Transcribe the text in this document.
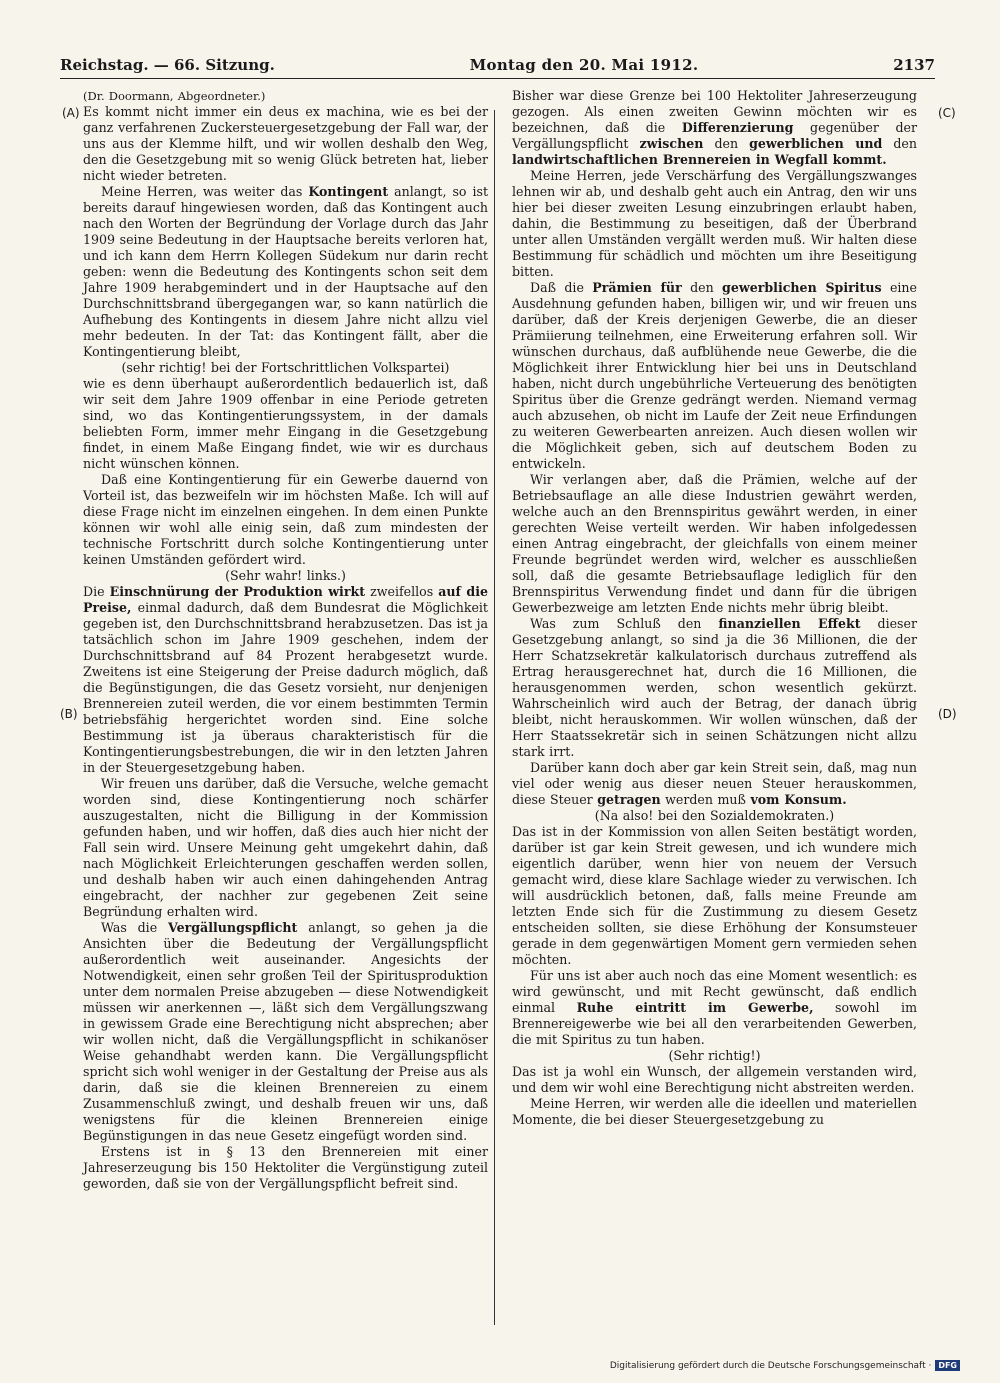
Reichstag. — 66. Sitzung.	Montag den 20. Mai 1912.	2137
(A)
(B)
(C)
(D)

(Dr. Doormann, Abgeordneter.)

Es kommt nicht immer ein deus ex machina, wie es bei der ganz verfahrenen Zuckersteuergesetzgebung der Fall war, der uns aus der Klemme hilft, und wir wollen deshalb den Weg, den die Gesetzgebung mit so wenig Glück betreten hat, lieber nicht wieder betreten.

Meine Herren, was weiter das Kontingent anlangt, so ist bereits darauf hingewiesen worden, daß das Kontingent auch nach den Worten der Begründung der Vorlage durch das Jahr 1909 seine Bedeutung in der Hauptsache bereits verloren hat, und ich kann dem Herrn Kollegen Südekum nur darin recht geben: wenn die Bedeutung des Kontingents schon seit dem Jahre 1909 herabgemindert und in der Hauptsache auf den Durchschnittsbrand übergegangen war, so kann natürlich die Aufhebung des Kontingents in diesem Jahre nicht allzu viel mehr bedeuten. In der Tat: das Kontingent fällt, aber die Kontingentierung bleibt,

(sehr richtig! bei der Fortschrittlichen Volkspartei)

wie es denn überhaupt außerordentlich bedauerlich ist, daß wir seit dem Jahre 1909 offenbar in eine Periode getreten sind, wo das Kontingentierungssystem, in der damals beliebten Form, immer mehr Eingang in die Gesetzgebung findet, in einem Maße Eingang findet, wie wir es durchaus nicht wünschen können.

Daß eine Kontingentierung für ein Gewerbe dauernd von Vorteil ist, das bezweifeln wir im höchsten Maße. Ich will auf diese Frage nicht im einzelnen eingehen. In dem einen Punkte können wir wohl alle einig sein, daß zum mindesten der technische Fortschritt durch solche Kontingentierung unter keinen Umständen gefördert wird.

(Sehr wahr! links.)

Die Einschnürung der Produktion wirkt zweifellos auf die Preise, einmal dadurch, daß dem Bundesrat die Möglichkeit gegeben ist, den Durchschnittsbrand herabzusetzen. Das ist ja tatsächlich schon im Jahre 1909 geschehen, indem der Durchschnittsbrand auf 84 Prozent herabgesetzt wurde. Zweitens ist eine Steigerung der Preise dadurch möglich, daß die Begünstigungen, die das Gesetz vorsieht, nur denjenigen Brennereien zuteil werden, die vor einem bestimmten Termin betriebsfähig hergerichtet worden sind. Eine solche Bestimmung ist ja überaus charakteristisch für die Kontingentierungsbestrebungen, die wir in den letzten Jahren in der Steuergesetzgebung haben.

Wir freuen uns darüber, daß die Versuche, welche gemacht worden sind, diese Kontingentierung noch schärfer auszugestalten, nicht die Billigung in der Kommission gefunden haben, und wir hoffen, daß dies auch hier nicht der Fall sein wird. Unsere Meinung geht umgekehrt dahin, daß nach Möglichkeit Erleichterungen geschaffen werden sollen, und deshalb haben wir auch einen dahingehenden Antrag eingebracht, der nachher zur gegebenen Zeit seine Begründung erhalten wird.

Was die Vergällungspflicht anlangt, so gehen ja die Ansichten über die Bedeutung der Vergällungspflicht außerordentlich weit auseinander. Angesichts der Notwendigkeit, einen sehr großen Teil der Spiritusproduktion unter dem normalen Preise abzugeben — diese Notwendigkeit müssen wir anerkennen —, läßt sich dem Vergällungszwang in gewissem Grade eine Berechtigung nicht absprechen; aber wir wollen nicht, daß die Vergällungspflicht in schikanöser Weise gehandhabt werden kann. Die Vergällungspflicht spricht sich wohl weniger in der Gestaltung der Preise aus als darin, daß sie die kleinen Brennereien zu einem Zusammenschluß zwingt, und deshalb freuen wir uns, daß wenigstens für die kleinen Brennereien einige Begünstigungen in das neue Gesetz eingefügt worden sind.

Erstens ist in § 13 den Brennereien mit einer Jahreserzeugung bis 150 Hektoliter die Vergünstigung zuteil geworden, daß sie von der Vergällungspflicht befreit sind.

Bisher war diese Grenze bei 100 Hektoliter Jahreserzeugung gezogen. Als einen zweiten Gewinn möchten wir es bezeichnen, daß die Differenzierung gegenüber der Vergällungspflicht zwischen den gewerblichen und den landwirtschaftlichen Brennereien in Wegfall kommt.

Meine Herren, jede Verschärfung des Vergällungszwanges lehnen wir ab, und deshalb geht auch ein Antrag, den wir uns hier bei dieser zweiten Lesung einzubringen erlaubt haben, dahin, die Bestimmung zu beseitigen, daß der Überbrand unter allen Umständen vergällt werden muß. Wir halten diese Bestimmung für schädlich und möchten um ihre Beseitigung bitten.

Daß die Prämien für den gewerblichen Spiritus eine Ausdehnung gefunden haben, billigen wir, und wir freuen uns darüber, daß der Kreis derjenigen Gewerbe, die an dieser Prämiierung teilnehmen, eine Erweiterung erfahren soll. Wir wünschen durchaus, daß aufblühende neue Gewerbe, die die Möglichkeit ihrer Entwicklung hier bei uns in Deutschland haben, nicht durch ungebührliche Verteuerung des benötigten Spiritus über die Grenze gedrängt werden. Niemand vermag auch abzusehen, ob nicht im Laufe der Zeit neue Erfindungen zu weiteren Gewerbearten anreizen. Auch diesen wollen wir die Möglichkeit geben, sich auf deutschem Boden zu entwickeln.

Wir verlangen aber, daß die Prämien, welche auf der Betriebsauflage an alle diese Industrien gewährt werden, welche auch an den Brennspiritus gewährt werden, in einer gerechten Weise verteilt werden. Wir haben infolgedessen einen Antrag eingebracht, der gleichfalls von einem meiner Freunde begründet werden wird, welcher es ausschließen soll, daß die gesamte Betriebsauflage lediglich für den Brennspiritus Verwendung findet und dann für die übrigen Gewerbezweige am letzten Ende nichts mehr übrig bleibt.

Was zum Schluß den finanziellen Effekt dieser Gesetzgebung anlangt, so sind ja die 36 Millionen, die der Herr Schatzsekretär kalkulatorisch durchaus zutreffend als Ertrag herausgerechnet hat, durch die 16 Millionen, die herausgenommen werden, schon wesentlich gekürzt. Wahrscheinlich wird auch der Betrag, der danach übrig bleibt, nicht herauskommen. Wir wollen wünschen, daß der Herr Staatssekretär sich in seinen Schätzungen nicht allzu stark irrt.

Darüber kann doch aber gar kein Streit sein, daß, mag nun viel oder wenig aus dieser neuen Steuer herauskommen, diese Steuer getragen werden muß vom Konsum.

(Na also! bei den Sozialdemokraten.)

Das ist in der Kommission von allen Seiten bestätigt worden, darüber ist gar kein Streit gewesen, und ich wundere mich eigentlich darüber, wenn hier von neuem der Versuch gemacht wird, diese klare Sachlage wieder zu verwischen. Ich will ausdrücklich betonen, daß, falls meine Freunde am letzten Ende sich für die Zustimmung zu diesem Gesetz entscheiden sollten, sie diese Erhöhung der Konsumsteuer gerade in dem gegenwärtigen Moment gern vermieden sehen möchten.

Für uns ist aber auch noch das eine Moment wesentlich: es wird gewünscht, und mit Recht gewünscht, daß endlich einmal Ruhe eintritt im Gewerbe, sowohl im Brennereigewerbe wie bei all den verarbeitenden Gewerben, die mit Spiritus zu tun haben.

(Sehr richtig!)

Das ist ja wohl ein Wunsch, der allgemein verstanden wird, und dem wir wohl eine Berechtigung nicht abstreiten werden.

Meine Herren, wir werden alle die ideellen und materiellen Momente, die bei dieser Steuergesetzgebung zu

Digitalisierung gefördert durch die Deutsche Forschungsgemeinschaft · DFG
